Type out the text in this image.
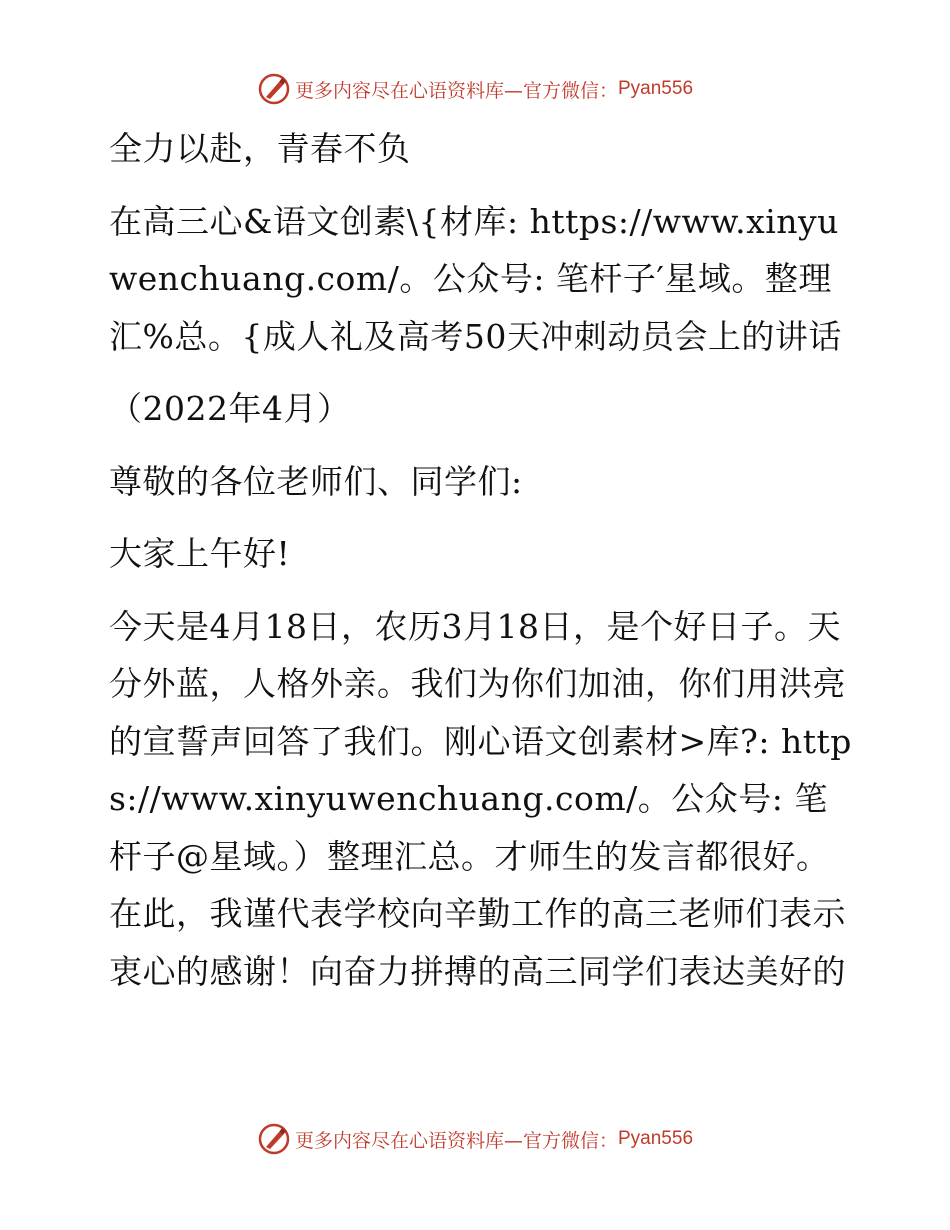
更多内容尽在心语资料库—官方微信： Pyan556

全力以赴，青春不负

在高三心&语文创素\{材库: https://www.xinyuwenchuang.com/。公众号: 笔杆子′星域。整理汇%总。{成人礼及高考50天冲刺动员会上的讲话

（2022年4月）

尊敬的各位老师们、同学们:

大家上午好!

今天是4月18日，农历3月18日，是个好日子。天分外蓝，人格外亲。我们为你们加油，你们用洪亮的宣誓声回答了我们。刚心语文创素材>库?: https://www.xinyuwenchuang.com/。公众号: 笔杆子@星域。）整理汇总。才师生的发言都很好。在此，我谨代表学校向辛勤工作的高三老师们表示衷心的感谢！向奋力拼搏的高三同学们表达美好的

更多内容尽在心语资料库—官方微信： Pyan556
